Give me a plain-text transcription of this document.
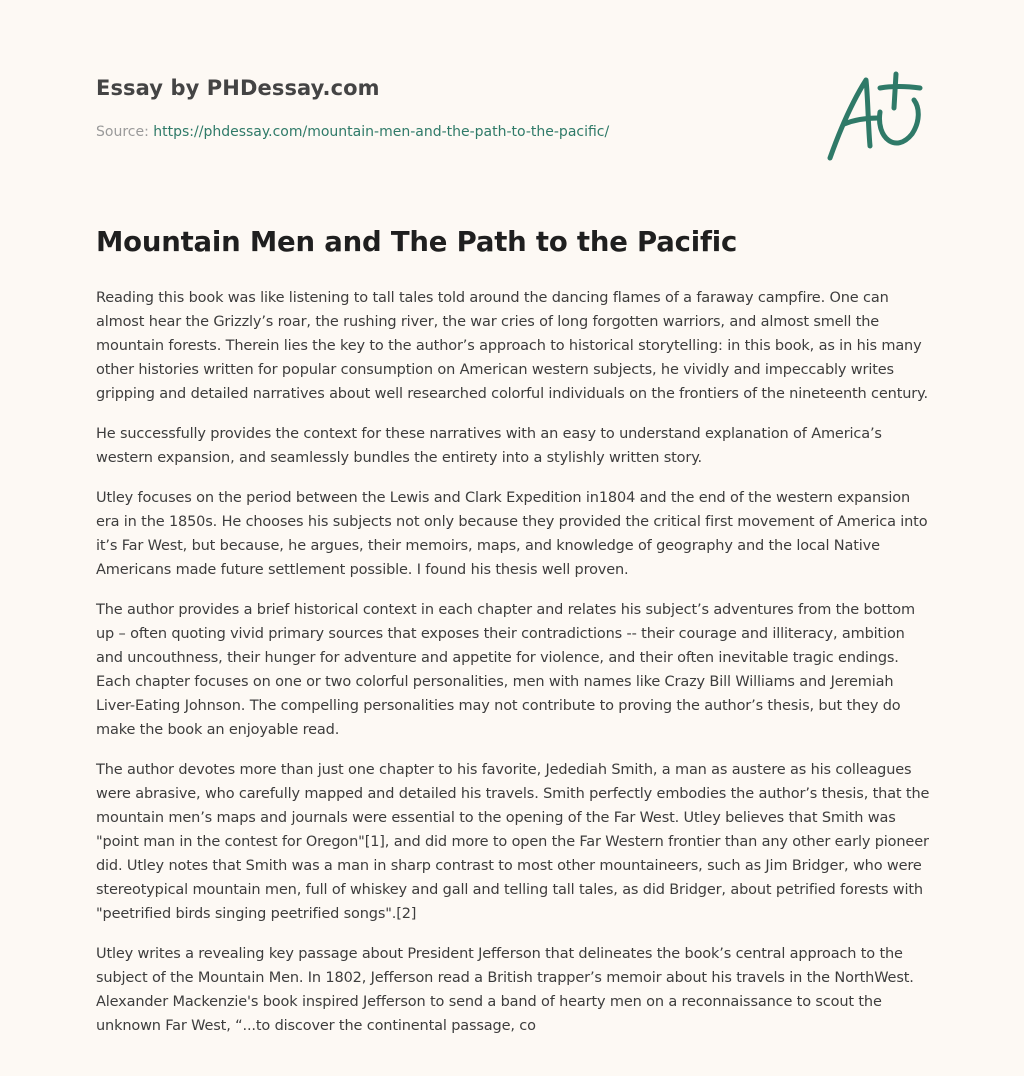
Essay by PHDessay.com
Source: https://phdessay.com/mountain-men-and-the-path-to-the-pacific/
Mountain Men and The Path to the Pacific

Reading this book was like listening to tall tales told around the dancing flames of a faraway campfire. One can almost hear the Grizzly’s roar, the rushing river, the war cries of long forgotten warriors, and almost smell the mountain forests. Therein lies the key to the author’s approach to historical storytelling: in this book, as in his many other histories written for popular consumption on American western subjects, he vividly and impeccably writes gripping and detailed narratives about well researched colorful individuals on the frontiers of the nineteenth century.

He successfully provides the context for these narratives with an easy to understand explanation of America’s western expansion, and seamlessly bundles the entirety into a stylishly written story.

Utley focuses on the period between the Lewis and Clark Expedition in1804 and the end of the western expansion era in the 1850s. He chooses his subjects not only because they provided the critical first movement of America into it’s Far West, but because, he argues, their memoirs, maps, and knowledge of geography and the local Native Americans made future settlement possible. I found his thesis well proven.

The author provides a brief historical context in each chapter and relates his subject’s adventures from the bottom up – often quoting vivid primary sources that exposes their contradictions -- their courage and illiteracy, ambition and uncouthness, their hunger for adventure and appetite for violence, and their often inevitable tragic endings. Each chapter focuses on one or two colorful personalities, men with names like Crazy Bill Williams and Jeremiah Liver-Eating Johnson. The compelling personalities may not contribute to proving the author’s thesis, but they do make the book an enjoyable read.

The author devotes more than just one chapter to his favorite, Jedediah Smith, a man as austere as his colleagues were abrasive, who carefully mapped and detailed his travels. Smith perfectly embodies the author’s thesis, that the mountain men’s maps and journals were essential to the opening of the Far West. Utley believes that Smith was "point man in the contest for Oregon"[1], and did more to open the Far Western frontier than any other early pioneer did. Utley notes that Smith was a man in sharp contrast to most other mountaineers, such as Jim Bridger, who were stereotypical mountain men, full of whiskey and gall and telling tall tales, as did Bridger, about petrified forests with "peetrified birds singing peetrified songs".[2]

Utley writes a revealing key passage about President Jefferson that delineates the book’s central approach to the subject of the Mountain Men. In 1802, Jefferson read a British trapper’s memoir about his travels in the NorthWest. Alexander Mackenzie's book inspired Jefferson to send a band of hearty men on a reconnaissance to scout the unknown Far West, “...to discover the continental passage, co
